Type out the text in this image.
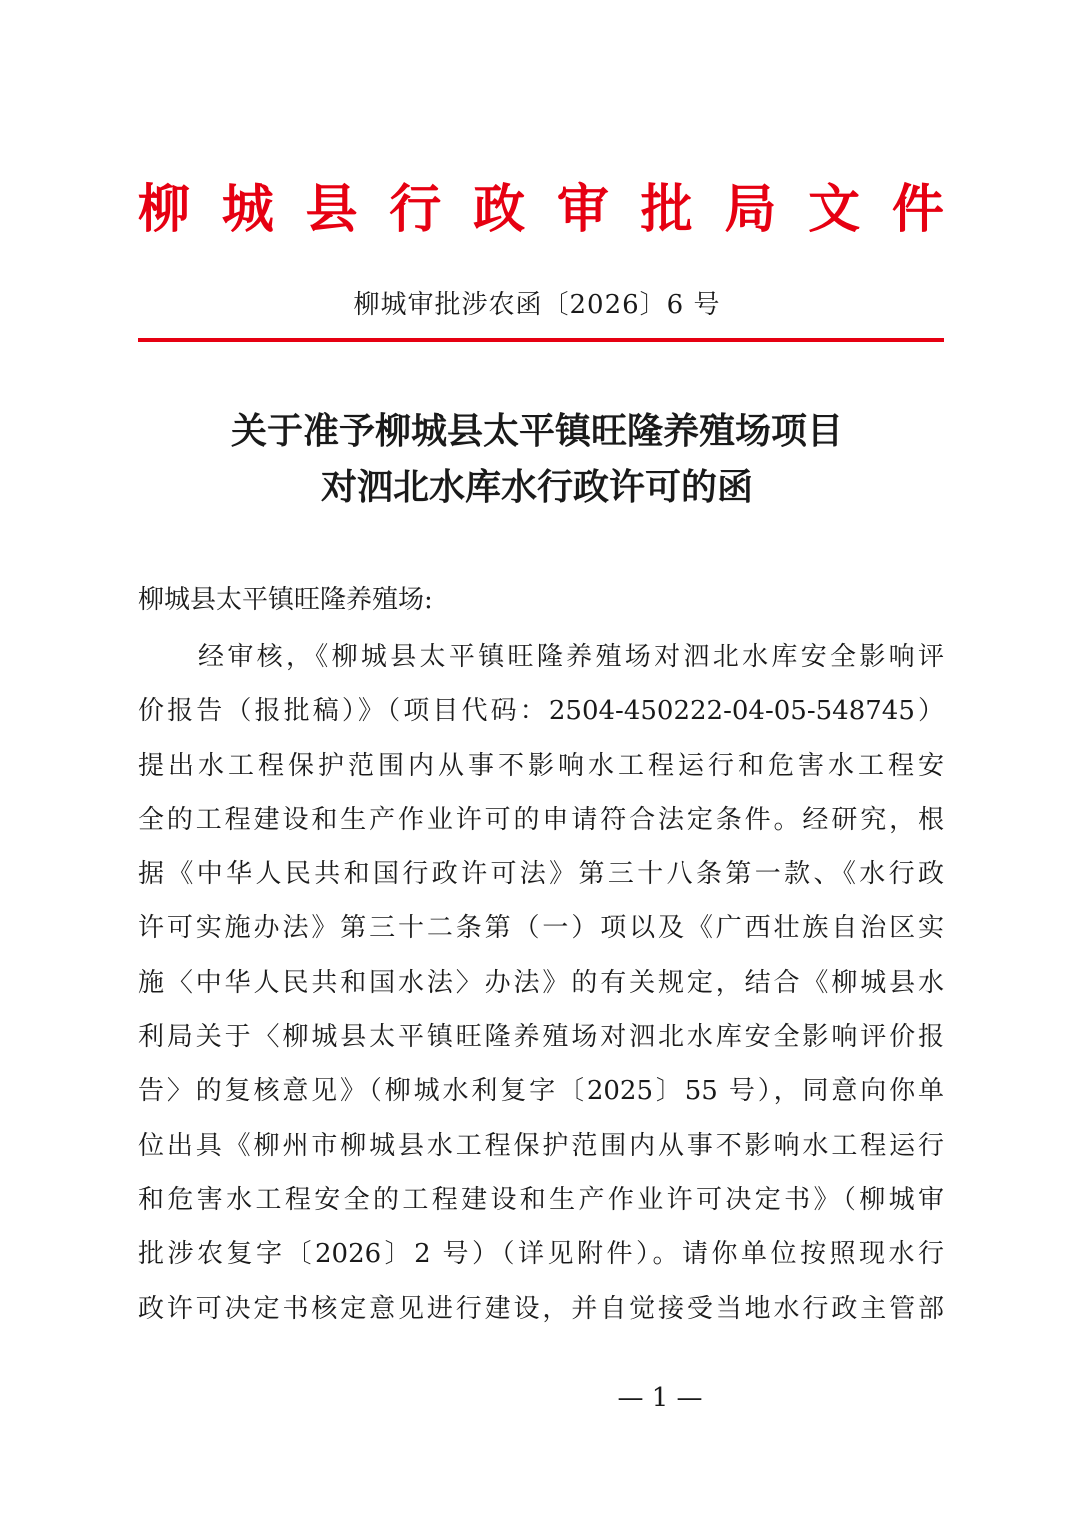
柳 城 县 行 政 审 批 局 文 件
柳城审批涉农函〔2026〕6 号
关于准予柳城县太平镇旺隆养殖场项目
对泗北水库水行政许可的函
柳城县太平镇旺隆养殖场:
经审核，《柳城县太平镇旺隆养殖场对泗北水库安全影响评
价报告（报批稿）》（项目代码：2504-450222-04-05-548745）
提出水工程保护范围内从事不影响水工程运行和危害水工程安
全的工程建设和生产作业许可的申请符合法定条件。经研究，根
据《中华人民共和国行政许可法》第三十八条第一款、《水行政
许可实施办法》第三十二条第（一）项以及《广西壮族自治区实
施〈中华人民共和国水法〉办法》的有关规定，结合《柳城县水
利局关于〈柳城县太平镇旺隆养殖场对泗北水库安全影响评价报
告〉的复核意见》（柳城水利复字〔2025〕55 号），同意向你单
位出具《柳州市柳城县水工程保护范围内从事不影响水工程运行
和危害水工程安全的工程建设和生产作业许可决定书》（柳城审
批涉农复字〔2026〕2 号）（详见附件）。请你单位按照现水行
政许可决定书核定意见进行建设，并自觉接受当地水行政主管部
— 1 —
